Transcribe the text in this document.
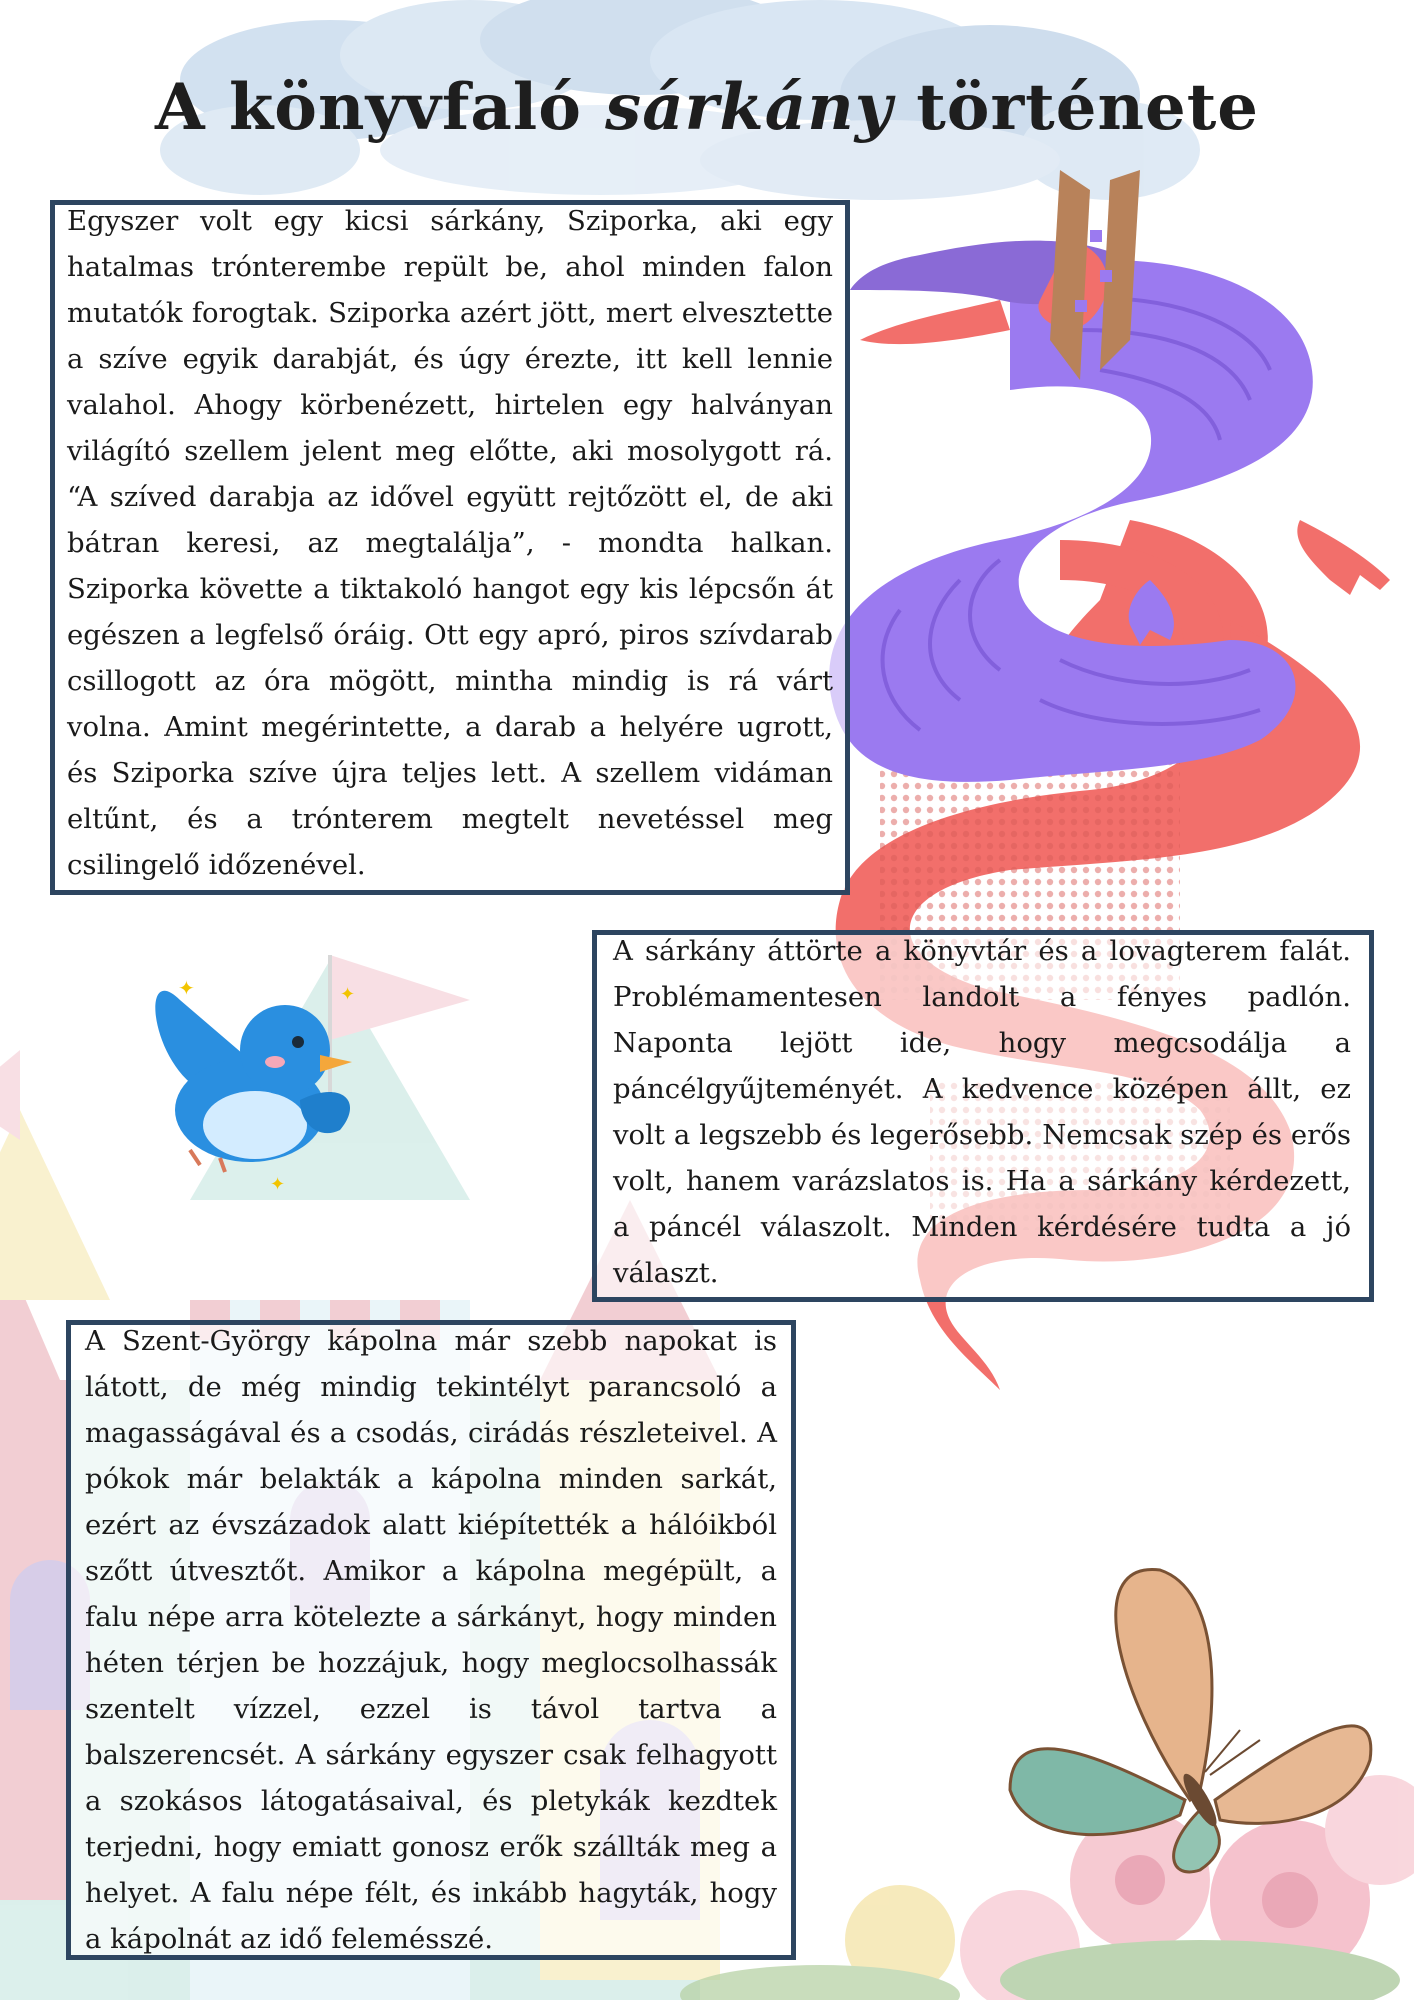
✦	✦
✦
A könyvfaló sárkány története

Egyszer volt egy kicsi sárkány, Sziporka, aki egy hatalmas trónterembe repült be, ahol minden falon mutatók forogtak. Sziporka azért jött, mert elvesztette a szíve egyik darabját, és úgy érezte, itt kell lennie valahol. Ahogy körbenézett, hirtelen egy halványan világító szellem jelent meg előtte, aki mosolygott rá. “A szíved darabja az idővel együtt rejtőzött el, de aki bátran keresi, az megtalálja”, - mondta halkan. Sziporka követte a tiktakoló hangot egy kis lépcsőn át egészen a legfelső óráig. Ott egy apró, piros szívdarab csillogott az óra mögött, mintha mindig is rá várt volna. Amint megérintette, a darab a helyére ugrott, és Sziporka szíve újra teljes lett. A szellem vidáman eltűnt, és a trónterem megtelt nevetéssel meg csilingelő időzenével.

A sárkány áttörte a könyvtár és a lovagterem falát. Problémamentesen landolt a fényes padlón. Naponta lejött ide, hogy megcsodálja a páncélgyűjteményét. A kedvence középen állt, ez volt a legszebb és legerősebb. Nemcsak szép és erős volt, hanem varázslatos is. Ha a sárkány kérdezett, a páncél válaszolt. Minden kérdésére tudta a jó választ.

A Szent-György kápolna már szebb napokat is látott, de még mindig tekintélyt parancsoló a magasságával és a csodás, cirádás részleteivel. A pókok már belakták a kápolna minden sarkát, ezért az évszázadok alatt kiépítették a hálóikból szőtt útvesztőt. Amikor a kápolna megépült, a falu népe arra kötelezte a sárkányt, hogy minden héten térjen be hozzájuk, hogy meglocsolhassák szentelt vízzel, ezzel is távol tartva a balszerencsét. A sárkány egyszer csak felhagyott a szokásos látogatásaival, és pletykák kezdtek terjedni, hogy emiatt gonosz erők szállták meg a helyet. A falu népe félt, és inkább hagyták, hogy a kápolnát az idő felemésszé.
